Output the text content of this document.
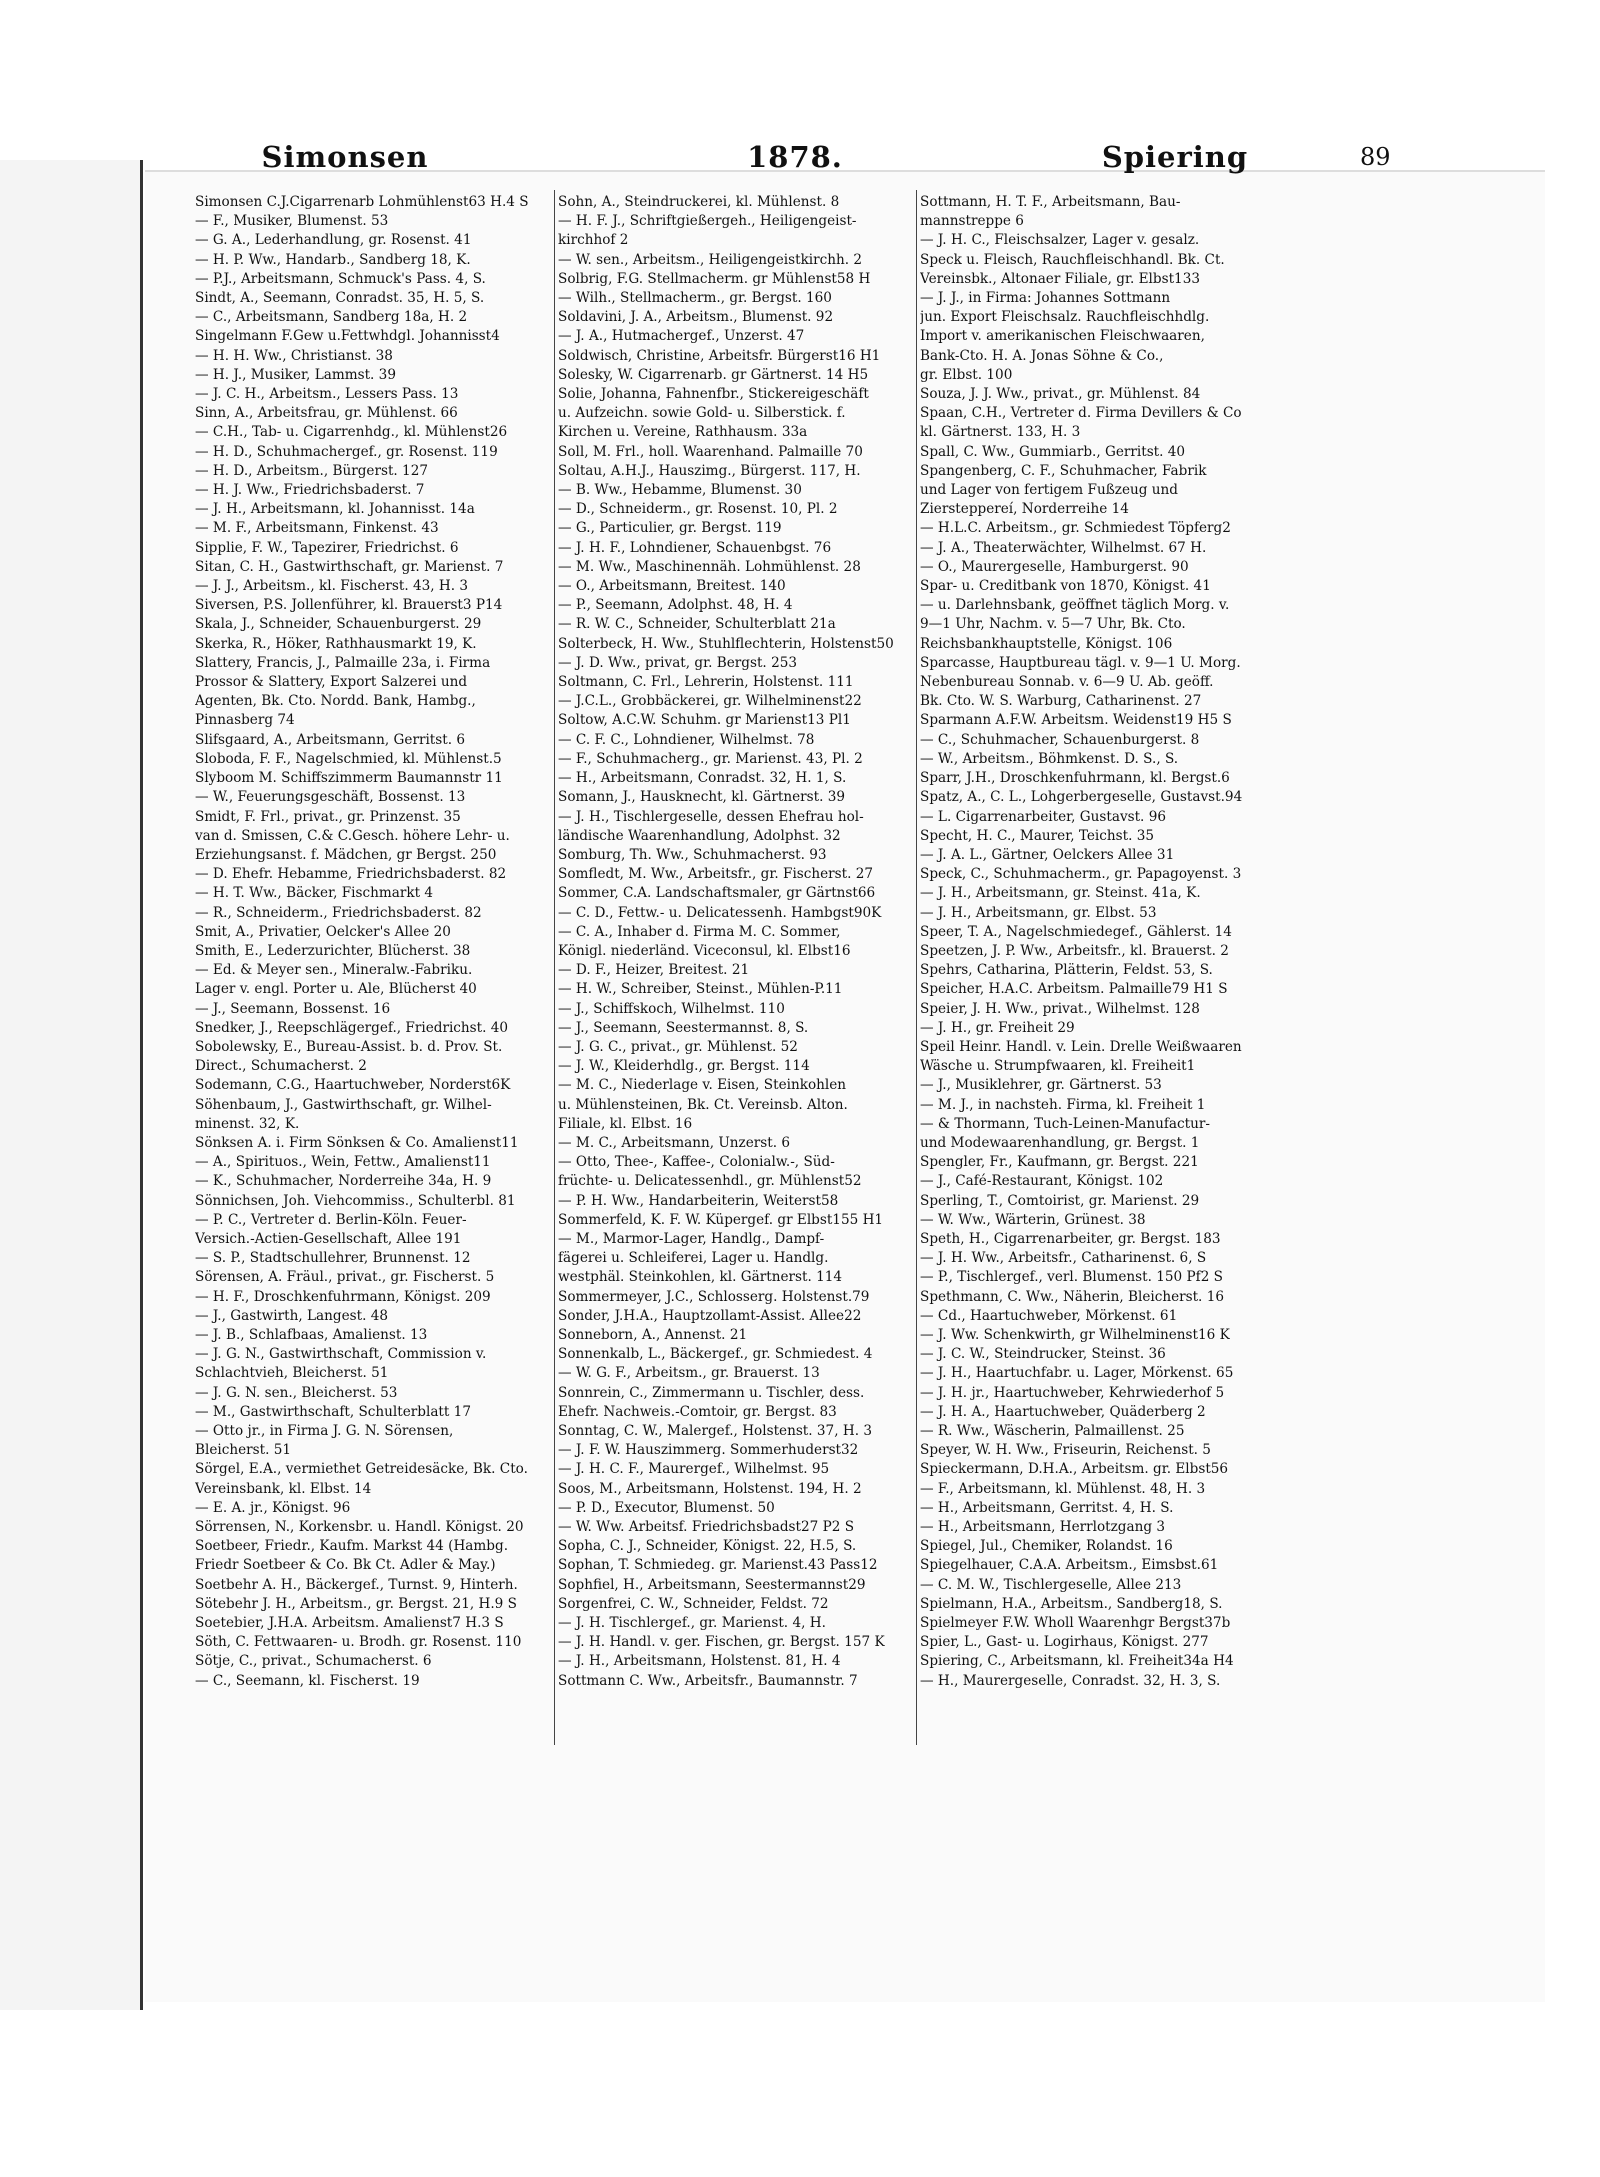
Simonsen	1878.	Spiering	89
Simonsen C.J.Cigarrenarb Lohmühlenst63 H.4 S
— F., Musiker, Blumenst. 53
— G. A., Lederhandlung, gr. Rosenst. 41
— H. P. Ww., Handarb., Sandberg 18, K.
— P.J., Arbeitsmann, Schmuck's Pass. 4, S.
Sindt, A., Seemann, Conradst. 35, H. 5, S.
— C., Arbeitsmann, Sandberg 18a, H. 2
Singelmann F.Gew u.Fettwhdgl. Johannisst4
— H. H. Ww., Christianst. 38
— H. J., Musiker, Lammst. 39
— J. C. H., Arbeitsm., Lessers Pass. 13
Sinn, A., Arbeitsfrau, gr. Mühlenst. 66
— C.H., Tab- u. Cigarrenhdg., kl. Mühlenst26
— H. D., Schuhmachergef., gr. Rosenst. 119
— H. D., Arbeitsm., Bürgerst. 127
— H. J. Ww., Friedrichsbaderst. 7
— J. H., Arbeitsmann, kl. Johannisst. 14a
— M. F., Arbeitsmann, Finkenst. 43
Sipplie, F. W., Tapezirer, Friedrichst. 6
Sitan, C. H., Gastwirthschaft, gr. Marienst. 7
— J. J., Arbeitsm., kl. Fischerst. 43, H. 3
Siversen, P.S. Jollenführer, kl. Brauerst3 P14
Skala, J., Schneider, Schauenburgerst. 29
Skerka, R., Höker, Rathhausmarkt 19, K.
Slattery, Francis, J., Palmaille 23a, i. Firma
Prossor & Slattery, Export Salzerei und
Agenten, Bk. Cto. Nordd. Bank, Hambg.,
Pinnasberg 74
Slifsgaard, A., Arbeitsmann, Gerritst. 6
Sloboda, F. F., Nagelschmied, kl. Mühlenst.5
Slyboom M. Schiffszimmerm Baumannstr 11
— W., Feuerungsgeschäft, Bossenst. 13
Smidt, F. Frl., privat., gr. Prinzenst. 35
van d. Smissen, C.& C.Gesch. höhere Lehr- u.
Erziehungsanst. f. Mädchen, gr Bergst. 250
— D. Ehefr. Hebamme, Friedrichsbaderst. 82
— H. T. Ww., Bäcker, Fischmarkt 4
— R., Schneiderm., Friedrichsbaderst. 82
Smit, A., Privatier, Oelcker's Allee 20
Smith, E., Lederzurichter, Blücherst. 38
— Ed. & Meyer sen., Mineralw.-Fabriku.
Lager v. engl. Porter u. Ale, Blücherst 40
— J., Seemann, Bossenst. 16
Snedker, J., Reepschlägergef., Friedrichst. 40
Sobolewsky, E., Bureau-Assist. b. d. Prov. St.
Direct., Schumacherst. 2
Sodemann, C.G., Haartuchweber, Norderst6K
Söhenbaum, J., Gastwirthschaft, gr. Wilhel-
minenst. 32, K.
Sönksen A. i. Firm Sönksen & Co. Amalienst11
— A., Spirituos., Wein, Fettw., Amalienst11
— K., Schuhmacher, Norderreihe 34a, H. 9
Sönnichsen, Joh. Viehcommiss., Schulterbl. 81
— P. C., Vertreter d. Berlin-Köln. Feuer-
Versich.-Actien-Gesellschaft, Allee 191
— S. P., Stadtschullehrer, Brunnenst. 12
Sörensen, A. Fräul., privat., gr. Fischerst. 5
— H. F., Droschkenfuhrmann, Königst. 209
— J., Gastwirth, Langest. 48
— J. B., Schlafbaas, Amalienst. 13
— J. G. N., Gastwirthschaft, Commission v.
Schlachtvieh, Bleicherst. 51
— J. G. N. sen., Bleicherst. 53
— M., Gastwirthschaft, Schulterblatt 17
— Otto jr., in Firma J. G. N. Sörensen,
Bleicherst. 51
Sörgel, E.A., vermiethet Getreidesäcke, Bk. Cto.
Vereinsbank, kl. Elbst. 14
— E. A. jr., Königst. 96
Sörrensen, N., Korkensbr. u. Handl. Königst. 20
Soetbeer, Friedr., Kaufm. Markst 44 (Hambg.
Friedr Soetbeer & Co. Bk Ct. Adler & May.)
Soetbehr A. H., Bäckergef., Turnst. 9, Hinterh.
Sötebehr J. H., Arbeitsm., gr. Bergst. 21, H.9 S
Soetebier, J.H.A. Arbeitsm. Amalienst7 H.3 S
Söth, C. Fettwaaren- u. Brodh. gr. Rosenst. 110
Sötje, C., privat., Schumacherst. 6
— C., Seemann, kl. Fischerst. 19
Sohn, A., Steindruckerei, kl. Mühlenst. 8
— H. F. J., Schriftgießergeh., Heiligengeist-
kirchhof 2
— W. sen., Arbeitsm., Heiligengeistkirchh. 2
Solbrig, F.G. Stellmacherm. gr Mühlenst58 H
— Wilh., Stellmacherm., gr. Bergst. 160
Soldavini, J. A., Arbeitsm., Blumenst. 92
— J. A., Hutmachergef., Unzerst. 47
Soldwisch, Christine, Arbeitsfr. Bürgerst16 H1
Solesky, W. Cigarrenarb. gr Gärtnerst. 14 H5
Solie, Johanna, Fahnenfbr., Stickereigeschäft
u. Aufzeichn. sowie Gold- u. Silberstick. f.
Kirchen u. Vereine, Rathhausm. 33a
Soll, M. Frl., holl. Waarenhand. Palmaille 70
Soltau, A.H.J., Hauszimg., Bürgerst. 117, H.
— B. Ww., Hebamme, Blumenst. 30
— D., Schneiderm., gr. Rosenst. 10, Pl. 2
— G., Particulier, gr. Bergst. 119
— J. H. F., Lohndiener, Schauenbgst. 76
— M. Ww., Maschinennäh. Lohmühlenst. 28
— O., Arbeitsmann, Breitest. 140
— P., Seemann, Adolphst. 48, H. 4
— R. W. C., Schneider, Schulterblatt 21a
Solterbeck, H. Ww., Stuhlflechterin, Holstenst50
— J. D. Ww., privat, gr. Bergst. 253
Soltmann, C. Frl., Lehrerin, Holstenst. 111
— J.C.L., Grobbäckerei, gr. Wilhelminenst22
Soltow, A.C.W. Schuhm. gr Marienst13 Pl1
— C. F. C., Lohndiener, Wilhelmst. 78
— F., Schuhmacherg., gr. Marienst. 43, Pl. 2
— H., Arbeitsmann, Conradst. 32, H. 1, S.
Somann, J., Hausknecht, kl. Gärtnerst. 39
— J. H., Tischlergeselle, dessen Ehefrau hol-
ländische Waarenhandlung, Adolphst. 32
Somburg, Th. Ww., Schuhmacherst. 93
Somfledt, M. Ww., Arbeitsfr., gr. Fischerst. 27
Sommer, C.A. Landschaftsmaler, gr Gärtnst66
— C. D., Fettw.- u. Delicatessenh. Hambgst90K
— C. A., Inhaber d. Firma M. C. Sommer,
Königl. niederländ. Viceconsul, kl. Elbst16
— D. F., Heizer, Breitest. 21
— H. W., Schreiber, Steinst., Mühlen-P.11
— J., Schiffskoch, Wilhelmst. 110
— J., Seemann, Seestermannst. 8, S.
— J. G. C., privat., gr. Mühlenst. 52
— J. W., Kleiderhdlg., gr. Bergst. 114
— M. C., Niederlage v. Eisen, Steinkohlen
u. Mühlensteinen, Bk. Ct. Vereinsb. Alton.
Filiale, kl. Elbst. 16
— M. C., Arbeitsmann, Unzerst. 6
— Otto, Thee-, Kaffee-, Colonialw.-, Süd-
früchte- u. Delicatessenhdl., gr. Mühlenst52
— P. H. Ww., Handarbeiterin, Weiterst58
Sommerfeld, K. F. W. Küpergef. gr Elbst155 H1
— M., Marmor-Lager, Handlg., Dampf-
fägerei u. Schleiferei, Lager u. Handlg.
westphäl. Steinkohlen, kl. Gärtnerst. 114
Sommermeyer, J.C., Schlosserg. Holstenst.79
Sonder, J.H.A., Hauptzollamt-Assist. Allee22
Sonneborn, A., Annenst. 21
Sonnenkalb, L., Bäckergef., gr. Schmiedest. 4
— W. G. F., Arbeitsm., gr. Brauerst. 13
Sonnrein, C., Zimmermann u. Tischler, dess.
Ehefr. Nachweis.-Comtoir, gr. Bergst. 83
Sonntag, C. W., Malergef., Holstenst. 37, H. 3
— J. F. W. Hauszimmerg. Sommerhuderst32
— J. H. C. F., Maurergef., Wilhelmst. 95
Soos, M., Arbeitsmann, Holstenst. 194, H. 2
— P. D., Executor, Blumenst. 50
— W. Ww. Arbeitsf. Friedrichsbadst27 P2 S
Sopha, C. J., Schneider, Königst. 22, H.5, S.
Sophan, T. Schmiedeg. gr. Marienst.43 Pass12
Sophfiel, H., Arbeitsmann, Seestermannst29
Sorgenfrei, C. W., Schneider, Feldst. 72
— J. H. Tischlergef., gr. Marienst. 4, H.
— J. H. Handl. v. ger. Fischen, gr. Bergst. 157 K
— J. H., Arbeitsmann, Holstenst. 81, H. 4
Sottmann C. Ww., Arbeitsfr., Baumannstr. 7
Sottmann, H. T. F., Arbeitsmann, Bau-
mannstreppe 6
— J. H. C., Fleischsalzer, Lager v. gesalz.
Speck u. Fleisch, Rauchfleischhandl. Bk. Ct.
Vereinsbk., Altonaer Filiale, gr. Elbst133
— J. J., in Firma: Johannes Sottmann
jun. Export Fleischsalz. Rauchfleischhdlg.
Import v. amerikanischen Fleischwaaren,
Bank-Cto. H. A. Jonas Söhne & Co.,
gr. Elbst. 100
Souza, J. J. Ww., privat., gr. Mühlenst. 84
Spaan, C.H., Vertreter d. Firma Devillers & Co
kl. Gärtnerst. 133, H. 3
Spall, C. Ww., Gummiarb., Gerritst. 40
Spangenberg, C. F., Schuhmacher, Fabrik
und Lager von fertigem Fußzeug und
Ziersteppereí, Norderreihe 14
— H.L.C. Arbeitsm., gr. Schmiedest Töpferg2
— J. A., Theaterwächter, Wilhelmst. 67 H.
— O., Maurergeselle, Hamburgerst. 90
Spar- u. Creditbank von 1870, Königst. 41
— u. Darlehnsbank, geöffnet täglich Morg. v.
9—1 Uhr, Nachm. v. 5—7 Uhr, Bk. Cto.
Reichsbankhauptstelle, Königst. 106
Sparcasse, Hauptbureau tägl. v. 9—1 U. Morg.
Nebenbureau Sonnab. v. 6—9 U. Ab. geöff.
Bk. Cto. W. S. Warburg, Catharinenst. 27
Sparmann A.F.W. Arbeitsm. Weidenst19 H5 S
— C., Schuhmacher, Schauenburgerst. 8
— W., Arbeitsm., Böhmkenst. D. S., S.
Sparr, J.H., Droschkenfuhrmann, kl. Bergst.6
Spatz, A., C. L., Lohgerbergeselle, Gustavst.94
— L. Cigarrenarbeiter, Gustavst. 96
Specht, H. C., Maurer, Teichst. 35
— J. A. L., Gärtner, Oelckers Allee 31
Speck, C., Schuhmacherm., gr. Papagoyenst. 3
— J. H., Arbeitsmann, gr. Steinst. 41a, K.
— J. H., Arbeitsmann, gr. Elbst. 53
Speer, T. A., Nagelschmiedegef., Gählerst. 14
Speetzen, J. P. Ww., Arbeitsfr., kl. Brauerst. 2
Spehrs, Catharina, Plätterin, Feldst. 53, S.
Speicher, H.A.C. Arbeitsm. Palmaille79 H1 S
Speier, J. H. Ww., privat., Wilhelmst. 128
— J. H., gr. Freiheit 29
Speil Heinr. Handl. v. Lein. Drelle Weißwaaren
Wäsche u. Strumpfwaaren, kl. Freiheit1
— J., Musiklehrer, gr. Gärtnerst. 53
— M. J., in nachsteh. Firma, kl. Freiheit 1
— & Thormann, Tuch-Leinen-Manufactur-
und Modewaarenhandlung, gr. Bergst. 1
Spengler, Fr., Kaufmann, gr. Bergst. 221
— J., Café-Restaurant, Königst. 102
Sperling, T., Comtoirist, gr. Marienst. 29
— W. Ww., Wärterin, Grünest. 38
Speth, H., Cigarrenarbeiter, gr. Bergst. 183
— J. H. Ww., Arbeitsfr., Catharinenst. 6, S
— P., Tischlergef., verl. Blumenst. 150 Pf2 S
Spethmann, C. Ww., Näherin, Bleicherst. 16
— Cd., Haartuchweber, Mörkenst. 61
— J. Ww. Schenkwirth, gr Wilhelminenst16 K
— J. C. W., Steindrucker, Steinst. 36
— J. H., Haartuchfabr. u. Lager, Mörkenst. 65
— J. H. jr., Haartuchweber, Kehrwiederhof 5
— J. H. A., Haartuchweber, Quäderberg 2
— R. Ww., Wäscherin, Palmaillenst. 25
Speyer, W. H. Ww., Friseurin, Reichenst. 5
Spieckermann, D.H.A., Arbeitsm. gr. Elbst56
— F., Arbeitsmann, kl. Mühlenst. 48, H. 3
— H., Arbeitsmann, Gerritst. 4, H. S.
— H., Arbeitsmann, Herrlotzgang 3
Spiegel, Jul., Chemiker, Rolandst. 16
Spiegelhauer, C.A.A. Arbeitsm., Eimsbst.61
— C. M. W., Tischlergeselle, Allee 213
Spielmann, H.A., Arbeitsm., Sandberg18, S.
Spielmeyer F.W. Wholl Waarenhgr Bergst37b
Spier, L., Gast- u. Logirhaus, Königst. 277
Spiering, C., Arbeitsmann, kl. Freiheit34a H4
— H., Maurergeselle, Conradst. 32, H. 3, S.
